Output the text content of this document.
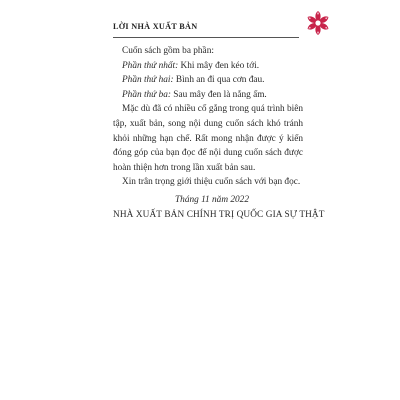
LỜI NHÀ XUẤT BẢN

Cuốn sách gồm ba phần:

Phần thứ nhất: Khi mây đen kéo tới.

Phần thứ hai: Bình an đi qua cơn đau.

Phần thứ ba: Sau mây đen là nắng ấm.

Mặc dù đã có nhiều cố gắng trong quá trình biên tập, xuất bản, song nội dung cuốn sách khó tránh khỏi những hạn chế. Rất mong nhận được ý kiến đóng góp của bạn đọc để nội dung cuốn sách được hoàn thiện hơn trong lần xuất bản sau.

Xin trân trọng giới thiệu cuốn sách với bạn đọc.

Tháng 11 năm 2022

NHÀ XUẤT BẢN CHÍNH TRỊ QUỐC GIA SỰ THẬT
